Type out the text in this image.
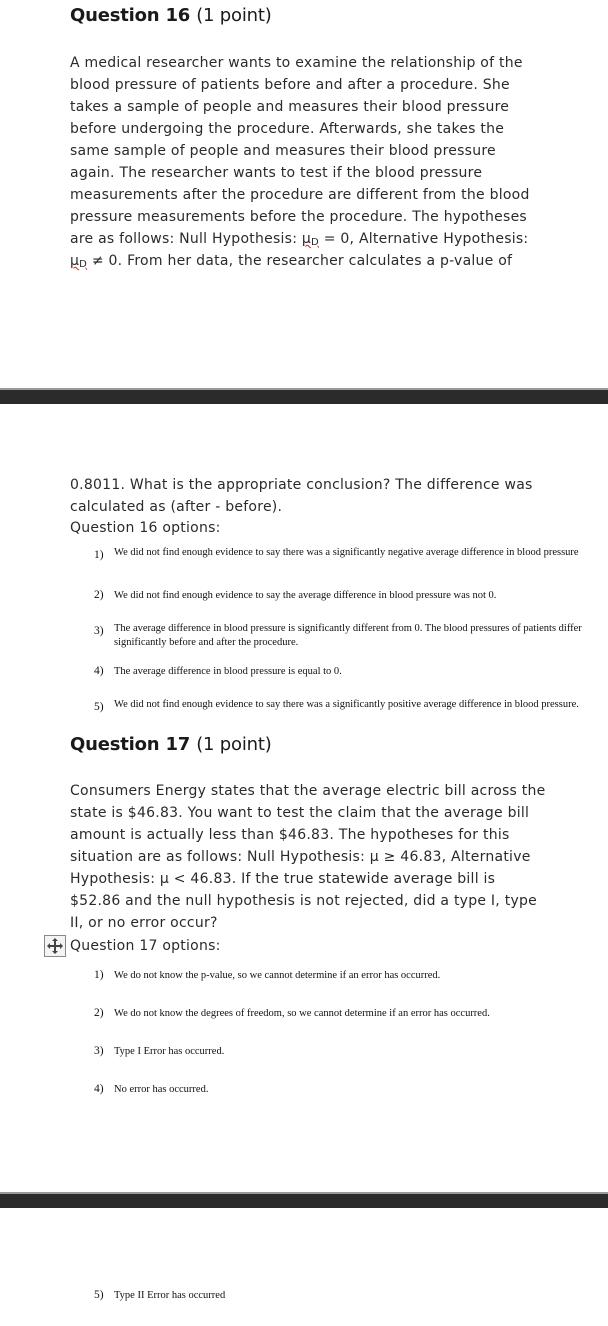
Question 16 (1 point)
A medical researcher wants to examine the relationship of the
blood pressure of patients before and after a procedure. She
takes a sample of people and measures their blood pressure
before undergoing the procedure. Afterwards, she takes the
same sample of people and measures their blood pressure
again. The researcher wants to test if the blood pressure
measurements after the procedure are different from the blood
pressure measurements before the procedure. The hypotheses
are as follows: Null Hypothesis: $\mu_D = 0$, Alternative Hypothesis:
$\mu_D \ne 0$. From her data, the researcher calculates a p-value of
0.8011. What is the appropriate conclusion? The difference was
calculated as (after - before).
Question 16 options:
1) We did not find enough evidence to say there was a significantly negative average difference in blood pressure
2) We did not find enough evidence to say the average difference in blood pressure was not 0.
3) The average difference in blood pressure is significantly different from 0. The blood pressures of patients differ significantly before and after the procedure.
4) The average difference in blood pressure is equal to 0.
5) We did not find enough evidence to say there was a significantly positive average difference in blood pressure.
Question 17 (1 point)
Consumers Energy states that the average electric bill across the
state is $46.83. You want to test the claim that the average bill
amount is actually less than $46.83. The hypotheses for this
situation are as follows: Null Hypothesis: μ ≥ 46.83, Alternative
Hypothesis: μ < 46.83. If the true statewide average bill is
$52.86 and the null hypothesis is not rejected, did a type I, type
II, or no error occur?
Question 17 options:
1) We do not know the p-value, so we cannot determine if an error has occurred.
2) We do not know the degrees of freedom, so we cannot determine if an error has occurred.
3) Type I Error has occurred.
4) No error has occurred.
5) Type II Error has occurred
